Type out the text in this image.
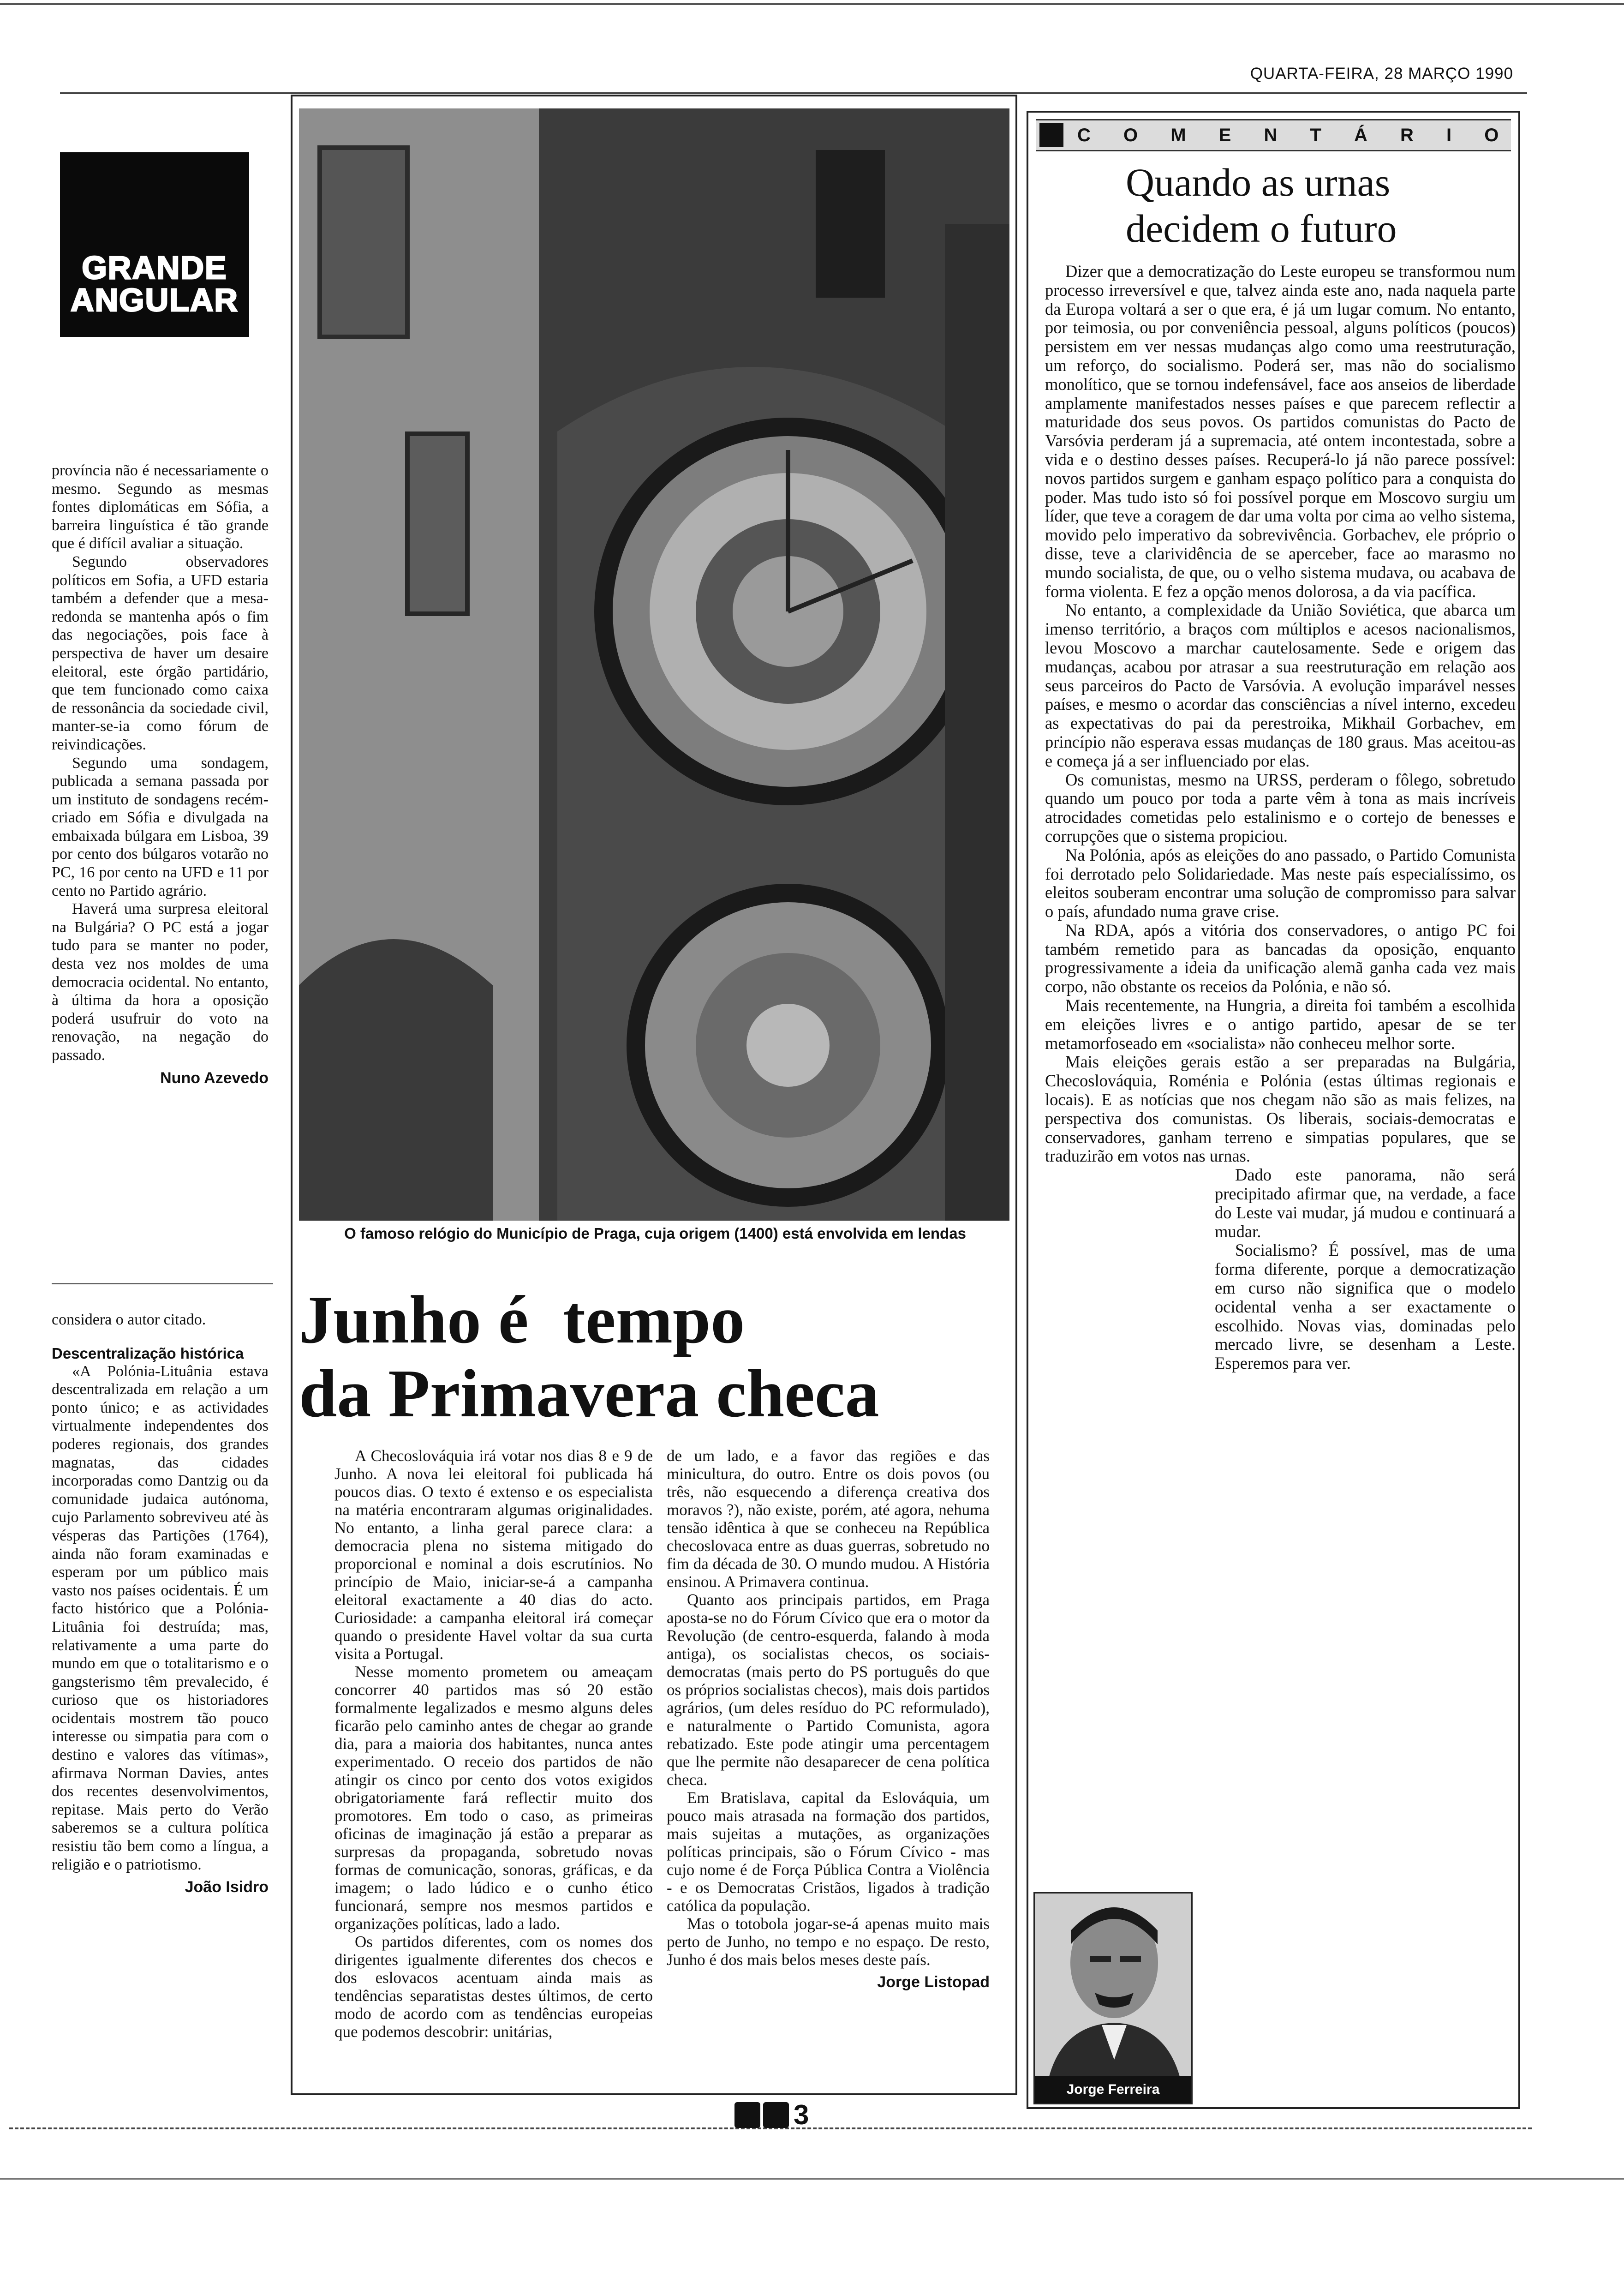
QUARTA-FEIRA, 28 MARÇO 1990
GRANDE
ANGULAR

província não é necessariamente o mesmo. Segundo as mesmas fontes diplomáticas em Sófia, a barreira linguística é tão grande que é difícil avaliar a situação.

Segundo observadores políticos em Sofia, a UFD estaria também a defender que a mesa-redonda se mantenha após o fim das negociações, pois face à perspectiva de haver um desaire eleitoral, este órgão partidário, que tem funcionado como caixa de ressonância da sociedade civil, manter-se-ia como fórum de reivindicações.

Segundo uma sondagem, publicada a semana passada por um instituto de sondagens recém-criado em Sófia e divulgada na embaixada búlgara em Lisboa, 39 por cento dos búlgaros votarão no PC, 16 por cento na UFD e 11 por cento no Partido agrário.

Haverá uma surpresa eleitoral na Bulgária? O PC está a jogar tudo para se manter no poder, desta vez nos moldes de uma democracia ocidental. No entanto, à última da hora a oposição poderá usufruir do voto na renovação, na negação do passado.

Nuno Azevedo

considera o autor citado.

Descentralização histórica

«A Polónia-Lituânia estava descentralizada em relação a um ponto único; e as actividades virtualmente independentes dos poderes regionais, dos grandes magnatas, das cidades incorporadas como Dantzig ou da comunidade judaica autónoma, cujo Parlamento sobreviveu até às vésperas das Partições (1764), ainda não foram examinadas e esperam por um público mais vasto nos países ocidentais. É um facto histórico que a Polónia-Lituânia foi destruída; mas, relativamente a uma parte do mundo em que o totalitarismo e o gangsterismo têm prevalecido, é curioso que os historiadores ocidentais mostrem tão pouco interesse ou simpatia para com o destino e valores das vítimas», afirmava Norman Davies, antes dos recentes desenvolvimentos, repitase. Mais perto do Verão saberemos se a cultura política resistiu tão bem como a língua, a religião e o patriotismo.

João Isidro
O famoso relógio do Município de Praga, cuja origem (1400) está envolvida em lendas
Junho é  tempo
da Primavera checa

A Checoslováquia irá votar nos dias 8 e 9 de Junho. A nova lei eleitoral foi publicada há poucos dias. O texto é extenso e os especialista na matéria encontraram algumas originalidades. No entanto, a linha geral parece clara: a democracia plena no sistema mitigado do proporcional e nominal a dois escrutínios. No princípio de Maio, iniciar-se-á a campanha eleitoral exactamente a 40 dias do acto. Curiosidade: a campanha eleitoral irá começar quando o presidente Havel voltar da sua curta visita a Portugal.

Nesse momento prometem ou ameaçam concorrer 40 partidos mas só 20 estão formalmente legalizados e mesmo alguns deles ficarão pelo caminho antes de chegar ao grande dia, para a maioria dos habitantes, nunca antes experimentado. O receio dos partidos de não atingir os cinco por cento dos votos exigidos obrigatoriamente fará reflectir muito dos promotores. Em todo o caso, as primeiras oficinas de imaginação já estão a preparar as surpresas da propaganda, sobretudo novas formas de comunicação, sonoras, gráficas, e da imagem; o lado lúdico e o cunho ético funcionará, sempre nos mesmos partidos e organizações políticas, lado a lado.

Os partidos diferentes, com os nomes dos dirigentes igualmente diferentes dos checos e dos eslovacos acentuam ainda mais as tendências separatistas destes últimos, de certo modo de acordo com as tendências europeias que podemos descobrir: unitárias,

de um lado, e a favor das regiões e das minicultura, do outro. Entre os dois povos (ou três, não esquecendo a diferença creativa dos moravos ?), não existe, porém, até agora, nehuma tensão idêntica à que se conheceu na República checoslovaca entre as duas guerras, sobretudo no fim da década de 30. O mundo mudou. A História ensinou. A Primavera continua.

Quanto aos principais partidos, em Praga aposta-se no do Fórum Cívico que era o motor da Revolução (de centro-esquerda, falando à moda antiga), os socialistas checos, os sociais-democratas (mais perto do PS português do que os próprios socialistas checos), mais dois partidos agrários, (um deles resíduo do PC reformulado), e naturalmente o Partido Comunista, agora rebatizado. Este pode atingir uma percentagem que lhe permite não desaparecer de cena política checa.

Em Bratislava, capital da Eslováquia, um pouco mais atrasada na formação dos partidos, mais sujeitas a mutações, as organizações políticas principais, são o Fórum Cívico - mas cujo nome é de Força Pública Contra a Violência - e os Democratas Cristãos, ligados à tradição católica da população.

Mas o totobola jogar-se-á apenas muito mais perto de Junho, no tempo e no espaço. De resto, Junho é dos mais belos meses deste país.

Jorge Listopad
C O M E N T Á R I O
Quando as urnas
decidem o futuro

Dizer que a democratização do Leste europeu se transformou num processo irreversível e que, talvez ainda este ano, nada naquela parte da Europa voltará a ser o que era, é já um lugar comum. No entanto, por teimosia, ou por conveniência pessoal, alguns políticos (poucos) persistem em ver nessas mudanças algo como uma reestruturação, um reforço, do socialismo. Poderá ser, mas não do socialismo monolítico, que se tornou indefensável, face aos anseios de liberdade amplamente manifestados nesses países e que parecem reflectir a maturidade dos seus povos. Os partidos comunistas do Pacto de Varsóvia perderam já a supremacia, até ontem incontestada, sobre a vida e o destino desses países. Recuperá-lo já não parece possível: novos partidos surgem e ganham espaço político para a conquista do poder. Mas tudo isto só foi possível porque em Moscovo surgiu um líder, que teve a coragem de dar uma volta por cima ao velho sistema, movido pelo imperativo da sobrevivência. Gorbachev, ele próprio o disse, teve a clarividência de se aperceber, face ao marasmo no mundo socialista, de que, ou o velho sistema mudava, ou acabava de forma violenta. E fez a opção menos dolorosa, a da via pacífica.

No entanto, a complexidade da União Soviética, que abarca um imenso território, a braços com múltiplos e acesos nacionalismos, levou Moscovo a marchar cautelosamente. Sede e origem das mudanças, acabou por atrasar a sua reestruturação em relação aos seus parceiros do Pacto de Varsóvia. A evolução imparável nesses países, e mesmo o acordar das consciências a nível interno, excedeu as expectativas do pai da perestroika, Mikhail Gorbachev, em princípio não esperava essas mudanças de 180 graus. Mas aceitou-as e começa já a ser influenciado por elas.

Os comunistas, mesmo na URSS, perderam o fôlego, sobretudo quando um pouco por toda a parte vêm à tona as mais incríveis atrocidades cometidas pelo estalinismo e o cortejo de benesses e corrupções que o sistema propiciou.

Na Polónia, após as eleições do ano passado, o Partido Comunista foi derrotado pelo Solidariedade. Mas neste país especialíssimo, os eleitos souberam encontrar uma solução de compromisso para salvar o país, afundado numa grave crise.

Na RDA, após a vitória dos conservadores, o antigo PC foi também remetido para as bancadas da oposição, enquanto progressivamente a ideia da unificação alemã ganha cada vez mais corpo, não obstante os receios da Polónia, e não só.

Mais recentemente, na Hungria, a direita foi também a escolhida em eleições livres e o antigo partido, apesar de se ter metamorfoseado em «socialista» não conheceu melhor sorte.

Mais eleições gerais estão a ser preparadas na Bulgária, Checoslováquia, Roménia e Polónia (estas últimas regionais e locais). E as notícias que nos chegam não são as mais felizes, na perspectiva dos comunistas. Os liberais, sociais-democratas e conservadores, ganham terreno e simpatias populares, que se traduzirão em votos nas urnas.

Dado este panorama, não será precipitado afirmar que, na verdade, a face do Leste vai mudar, já mudou e continuará a mudar.

Socialismo? É possível, mas de uma forma diferente, porque a democratização em curso não significa que o modelo ocidental venha a ser exactamente o escolhido. Novas vias, dominadas pelo mercado livre, se desenham a Leste. Esperemos para ver.

Jorge Ferreira
3
